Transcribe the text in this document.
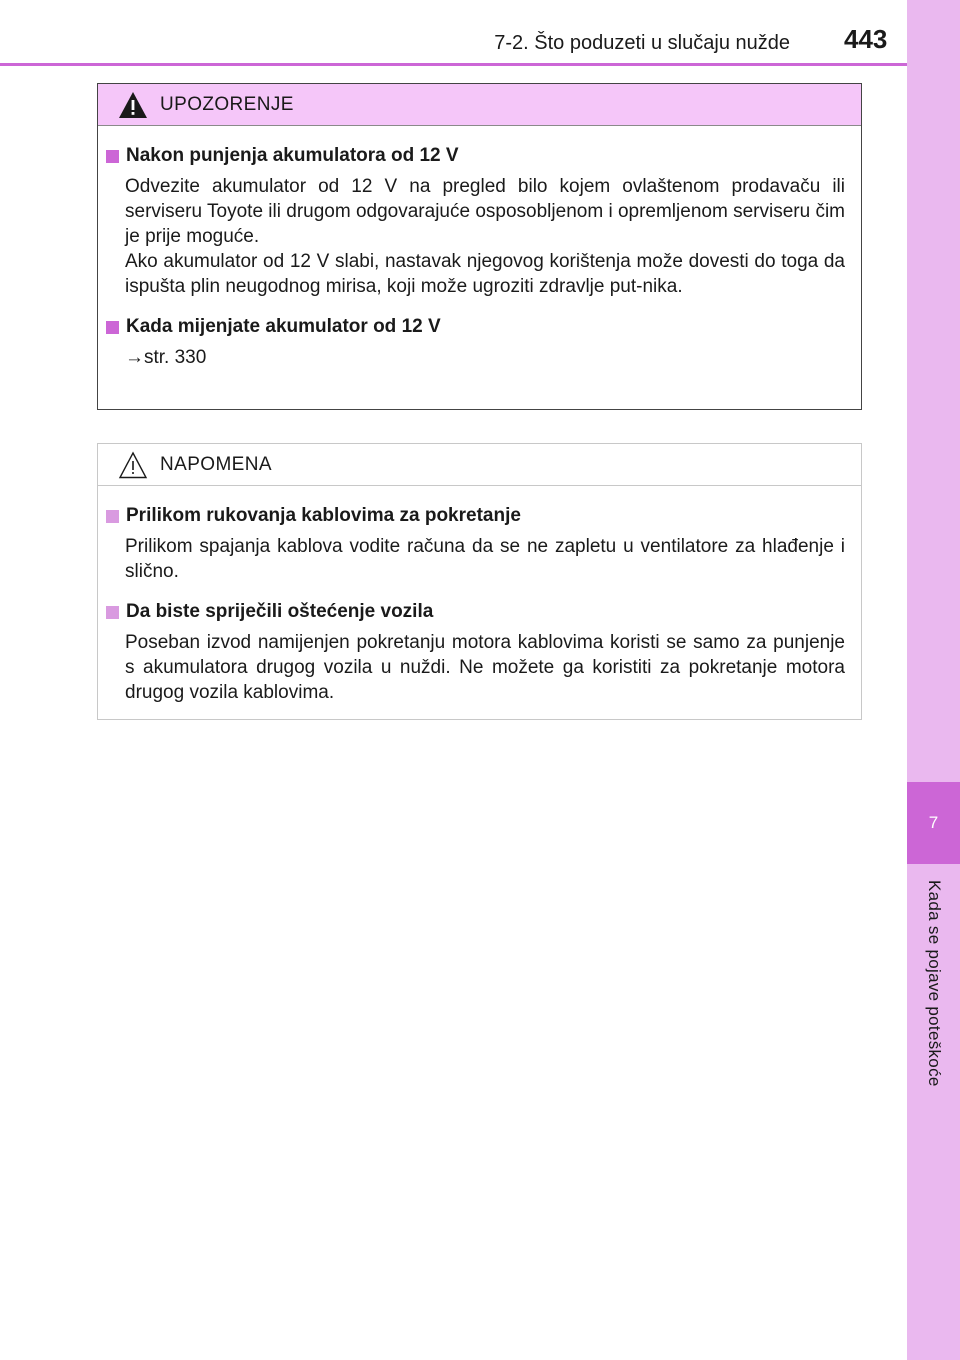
7
Kada se pojave poteškoće
7-2. Što poduzeti u slučaju nužde 443
UPOZORENJE
Nakon punjenja akumulatora od 12 V

Odvezite akumulator od 12 V na pregled bilo kojem ovlaštenom prodavaču ili serviseru Toyote ili drugom odgovarajuće osposobljenom i opremljenom serviseru čim je prije moguće.

Ako akumulator od 12 V slabi, nastavak njegovog korištenja može dovesti do toga da ispušta plin neugodnog mirisa, koji može ugroziti zdravlje put-nika.

Kada mijenjate akumulator od 12 V

→str. 330

NAPOMENA
Prilikom rukovanja kablovima za pokretanje

Prilikom spajanja kablova vodite računa da se ne zapletu u ventilatore za hlađenje i slično.

Da biste spriječili oštećenje vozila

Poseban izvod namijenjen pokretanju motora kablovima koristi se samo za punjenje s akumulatora drugog vozila u nuždi. Ne možete ga koristiti za pokretanje motora drugog vozila kablovima.
